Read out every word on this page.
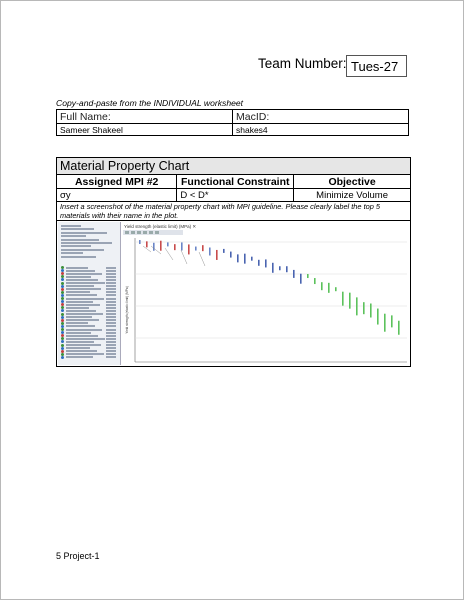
Team Number: Tues-27
Copy-and-paste from the INDIVIDUAL worksheet
Full Name:	MacID:
Sameer Shakeel	shakes4
Material Property Chart		
Assigned MPI #2	Functional Constraint	Objective
σy	D < D*	Minimize Volume
Insert a screenshot of the material property chart with MPI guideline. Please clearly label the top 5 materials with their name in the plot.		

Yield strength (elastic limit) (MPa) ✕
Yield strength (elastic limit) (MPa)		
5 Project-1
